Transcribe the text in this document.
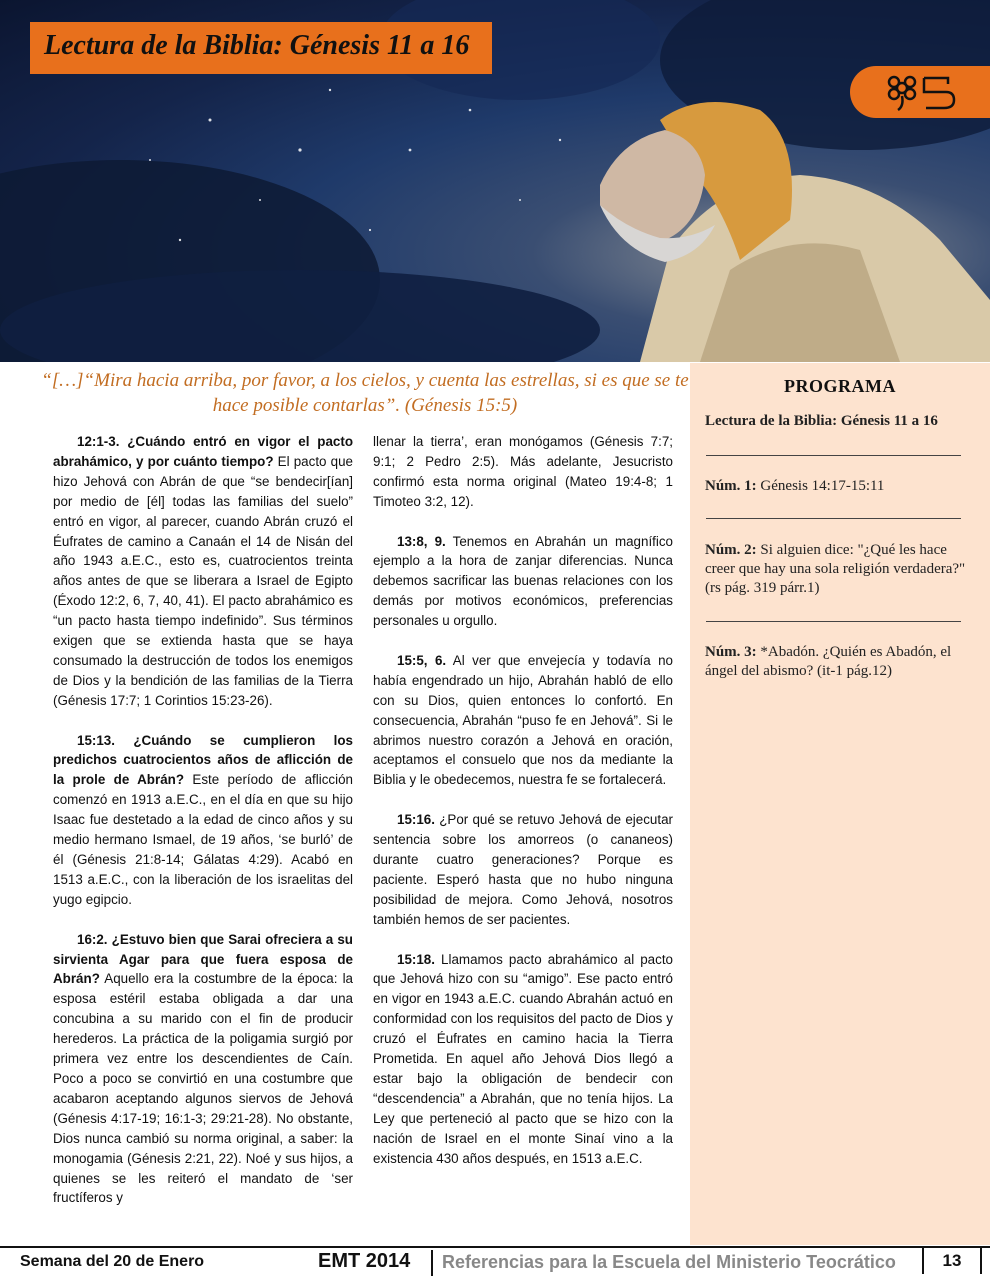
Lectura de la Biblia: Génesis 11 a 16
“[…]“Mira hacia arriba, por favor, a los cielos, y cuenta las estrellas, si es que se te hace posible contarlas”. (Génesis 15:5)

12:1-3. ¿Cuándo entró en vigor el pacto abrahámico, y por cuánto tiempo? El pacto que hizo Jehová con Abrán de que “se bendecir[ían] por medio de [él] todas las familias del suelo” entró en vigor, al parecer, cuando Abrán cruzó el Éufrates de camino a Canaán el 14 de Nisán del año 1943 a.E.C., esto es, cuatrocientos treinta años antes de que se liberara a Israel de Egipto (Éxodo 12:2, 6, 7, 40, 41). El pacto abrahámico es “un pacto hasta tiempo indefinido”. Sus términos exigen que se extienda hasta que se haya consumado la destrucción de todos los enemigos de Dios y la bendición de las familias de la Tierra (Génesis 17:7; 1 Corintios 15:23-26).

15:13. ¿Cuándo se cumplieron los predichos cuatrocientos años de aflicción de la prole de Abrán? Este período de aflicción comenzó en 1913 a.E.C., en el día en que su hijo Isaac fue destetado a la edad de cinco años y su medio hermano Ismael, de 19 años, ‘se burló’ de él (Génesis 21:8-14; Gálatas 4:29). Acabó en 1513 a.E.C., con la liberación de los israelitas del yugo egipcio.

16:2. ¿Estuvo bien que Sarai ofreciera a su sirvienta Agar para que fuera esposa de Abrán? Aquello era la costumbre de la época: la esposa estéril estaba obligada a dar una concubina a su marido con el fin de producir herederos. La práctica de la poligamia surgió por primera vez entre los descendientes de Caín. Poco a poco se convirtió en una costumbre que acabaron aceptando algunos siervos de Jehová (Génesis 4:17-19; 16:1-3; 29:21-28). No obstante, Dios nunca cambió su norma original, a saber: la monogamia (Génesis 2:21, 22). Noé y sus hijos, a quienes se les reiteró el mandato de ‘ser fructíferos y

llenar la tierra’, eran monógamos (Génesis 7:7; 9:1; 2 Pedro 2:5). Más adelante, Jesucristo confirmó esta norma original (Mateo 19:4-8; 1 Timoteo 3:2, 12).

13:8, 9. Tenemos en Abrahán un magnífico ejemplo a la hora de zanjar diferencias. Nunca debemos sacrificar las buenas relaciones con los demás por motivos económicos, preferencias personales u orgullo.

15:5, 6. Al ver que envejecía y todavía no había engendrado un hijo, Abrahán habló de ello con su Dios, quien entonces lo confortó. En consecuencia, Abrahán “puso fe en Jehová”. Si le abrimos nuestro corazón a Jehová en oración, aceptamos el consuelo que nos da mediante la Biblia y le obedecemos, nuestra fe se fortalecerá.

15:16. ¿Por qué se retuvo Jehová de ejecutar sentencia sobre los amorreos (o cananeos) durante cuatro generaciones? Porque es paciente. Esperó hasta que no hubo ninguna posibilidad de mejora. Como Jehová, nosotros también hemos de ser pacientes.

15:18. Llamamos pacto abrahámico al pacto que Jehová hizo con su “amigo”. Ese pacto entró en vigor en 1943 a.E.C. cuando Abrahán actuó en conformidad con los requisitos del pacto de Dios y cruzó el Éufrates en camino hacia la Tierra Prometida. En aquel año Jehová Dios llegó a estar bajo la obligación de bendecir con “descendencia” a Abrahán, que no tenía hijos. La Ley que perteneció al pacto que se hizo con la nación de Israel en el monte Sinaí vino a la existencia 430 años después, en 1513 a.E.C.

PROGRAMA
Lectura de la Biblia: Génesis 11 a 16
Núm. 1: Génesis 14:17-15:11
Núm. 2: Si alguien dice: "¿Qué les hace creer que hay una sola religión verdadera?" (rs pág. 319 párr.1)
Núm. 3: *Abadón. ¿Quién es Abadón, el ángel del abismo? (it-1 pág.12)
Semana del 20 de Enero	EMT 2014 Referencias para la Escuela del Ministerio Teocrático	13
